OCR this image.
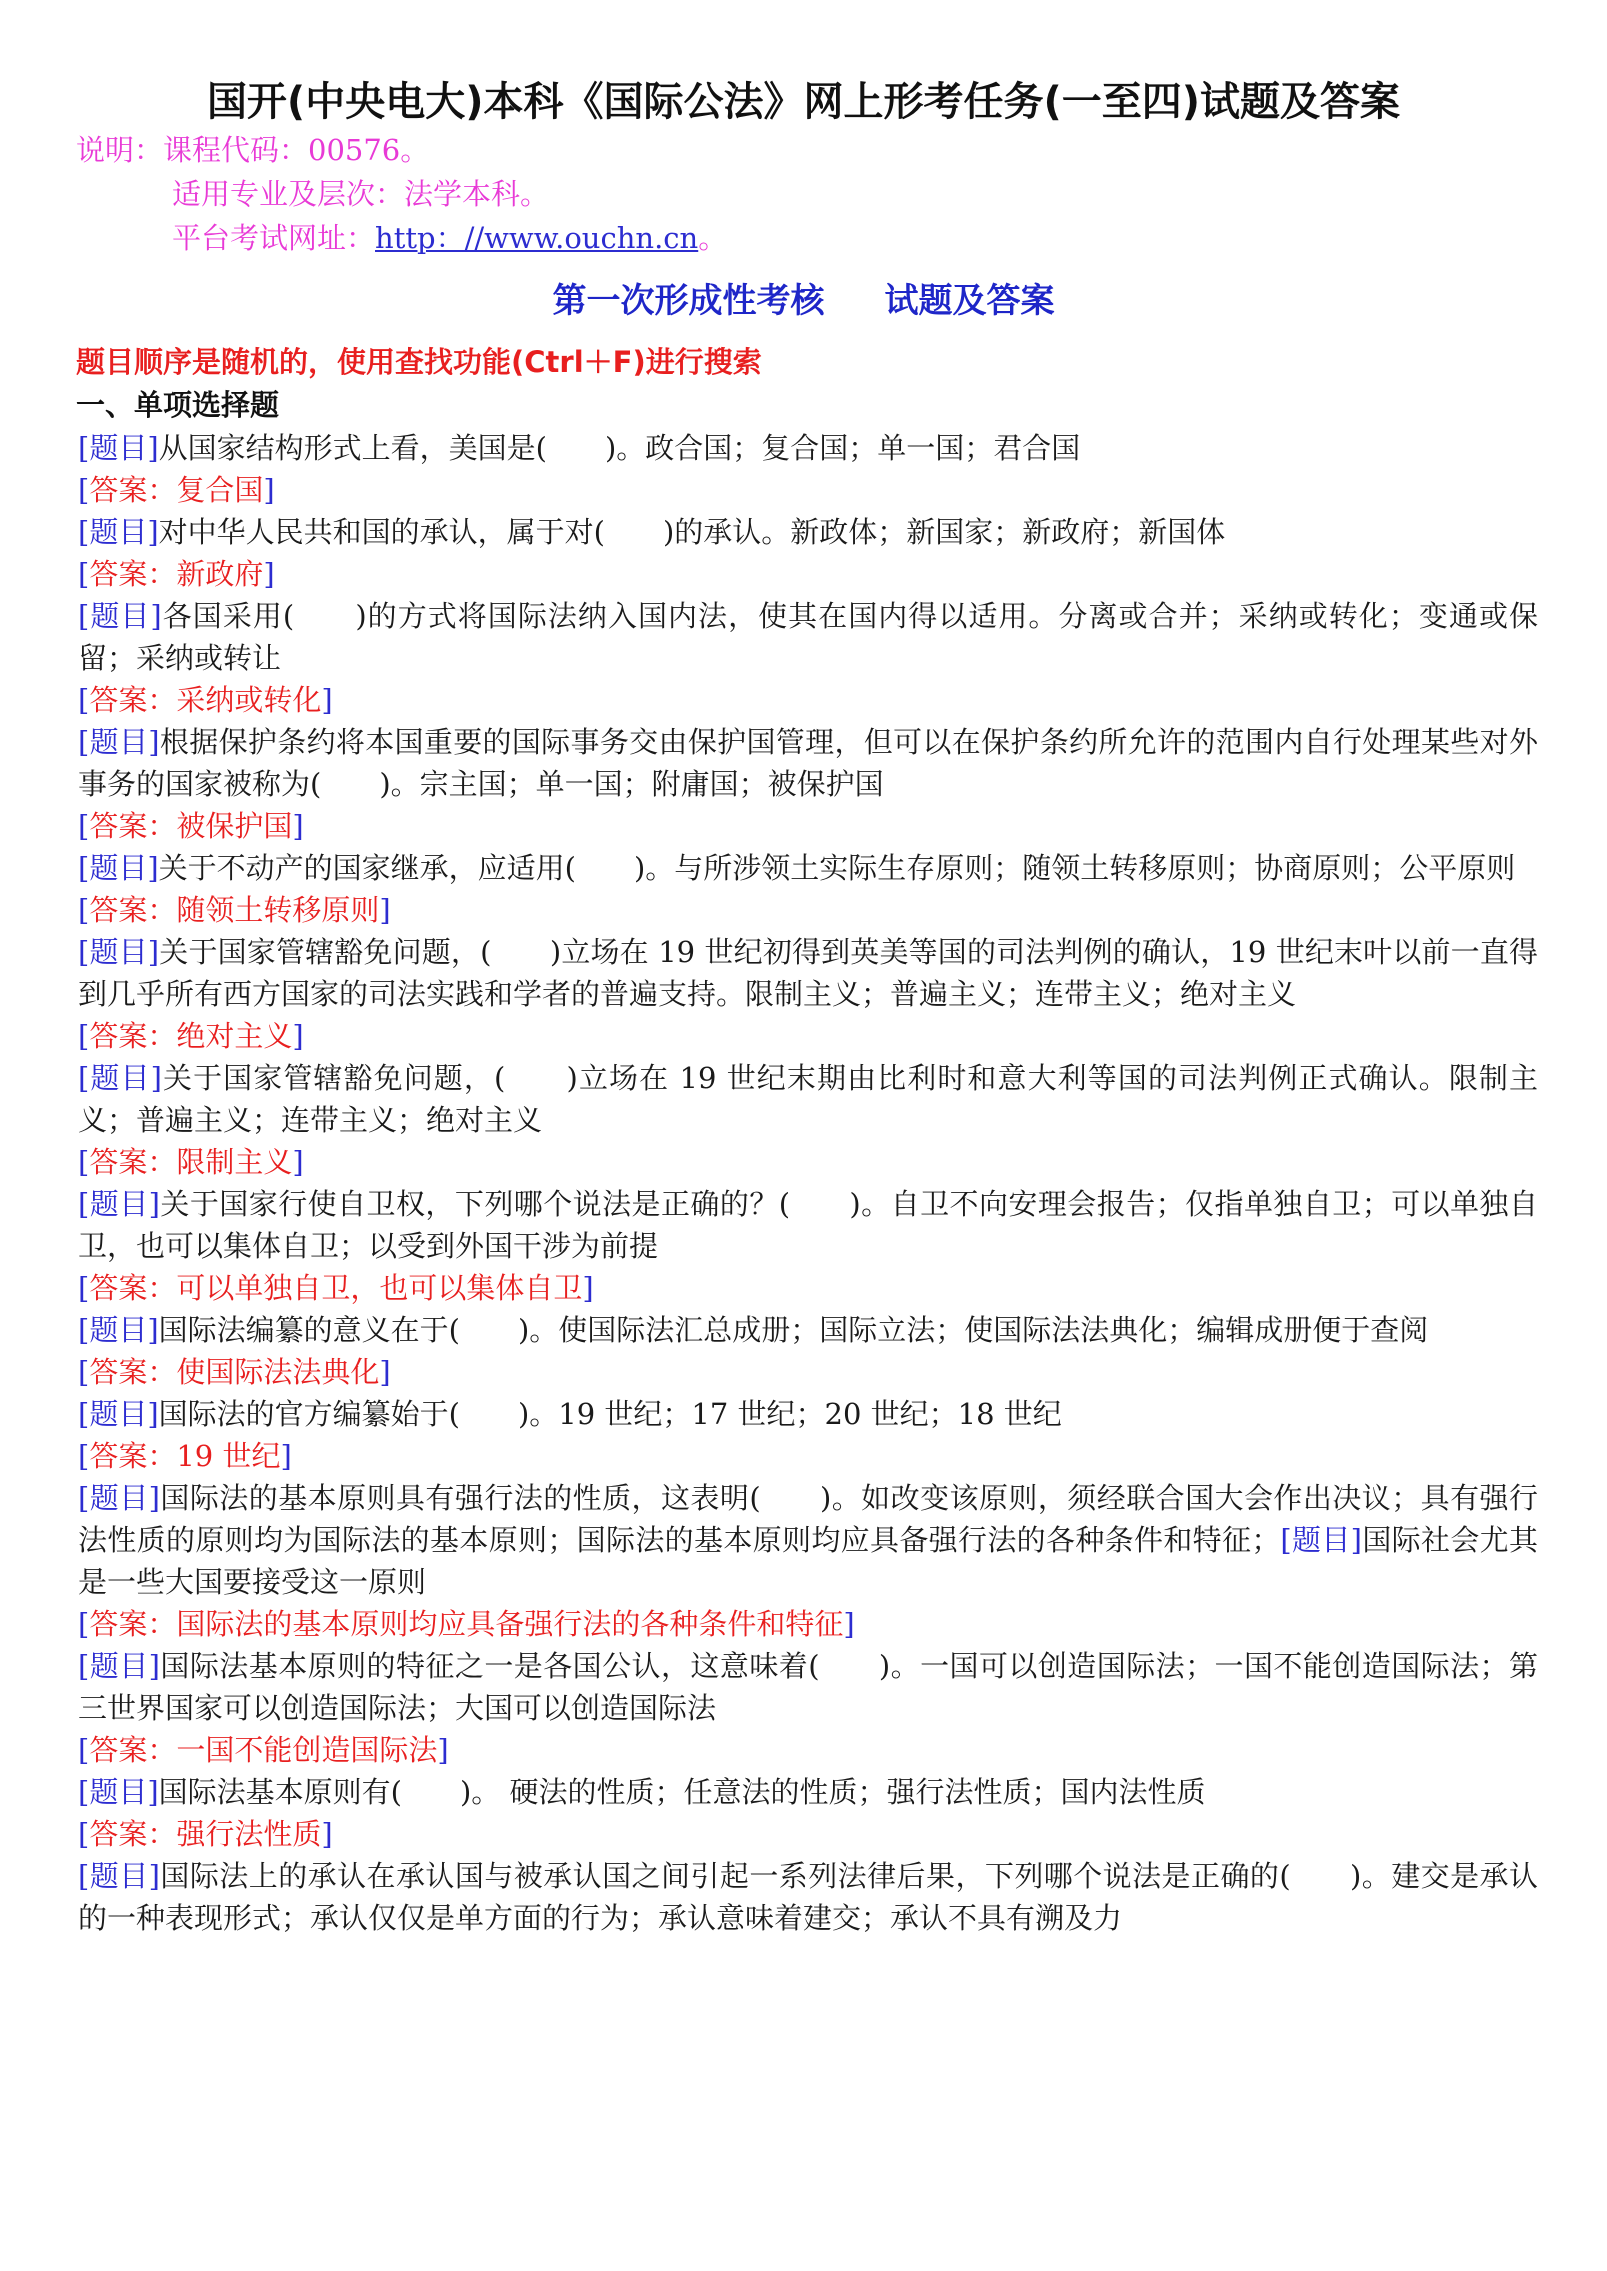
国开(中央电大)本科《国际公法》网上形考任务(一至四)试题及答案
说明：课程代码：00576。
适用专业及层次：法学本科。
平台考试网址：http：//www.ouchn.cn。
第一次形成性考核 试题及答案
题目顺序是随机的，使用查找功能(Ctrl＋F)进行搜索
一、单项选择题

[题目]从国家结构形式上看，美国是(　　)。政合国；复合国；单一国；君合国

[答案：复合国]

[题目]对中华人民共和国的承认，属于对(　　)的承认。新政体；新国家；新政府；新国体

[答案：新政府]

[题目]各国采用(　　)的方式将国际法纳入国内法，使其在国内得以适用。分离或合并；采纳或转化；变通或保留；采纳或转让

[答案：采纳或转化]

[题目]根据保护条约将本国重要的国际事务交由保护国管理，但可以在保护条约所允许的范围内自行处理某些对外事务的国家被称为(　　)。宗主国；单一国；附庸国；被保护国

[答案：被保护国]

[题目]关于不动产的国家继承，应适用(　　)。与所涉领土实际生存原则；随领土转移原则；协商原则；公平原则

[答案：随领土转移原则]

[题目]关于国家管辖豁免问题，(　　)立场在 19 世纪初得到英美等国的司法判例的确认，19 世纪末叶以前一直得到几乎所有西方国家的司法实践和学者的普遍支持。限制主义；普遍主义；连带主义；绝对主义

[答案：绝对主义]

[题目]关于国家管辖豁免问题，(　　)立场在 19 世纪末期由比利时和意大利等国的司法判例正式确认。限制主义；普遍主义；连带主义；绝对主义

[答案：限制主义]

[题目]关于国家行使自卫权，下列哪个说法是正确的？(　　)。自卫不向安理会报告；仅指单独自卫；可以单独自卫，也可以集体自卫；以受到外国干涉为前提

[答案：可以单独自卫，也可以集体自卫]

[题目]国际法编纂的意义在于(　　)。使国际法汇总成册；国际立法；使国际法法典化；编辑成册便于查阅

[答案：使国际法法典化]

[题目]国际法的官方编纂始于(　　)。19 世纪；17 世纪；20 世纪；18 世纪

[答案：19 世纪]

[题目]国际法的基本原则具有强行法的性质，这表明(　　)。如改变该原则，须经联合国大会作出决议；具有强行法性质的原则均为国际法的基本原则；国际法的基本原则均应具备强行法的各种条件和特征；[题目]国际社会尤其是一些大国要接受这一原则

[答案：国际法的基本原则均应具备强行法的各种条件和特征]

[题目]国际法基本原则的特征之一是各国公认，这意味着(　　)。一国可以创造国际法；一国不能创造国际法；第三世界国家可以创造国际法；大国可以创造国际法

[答案：一国不能创造国际法]

[题目]国际法基本原则有(　　)。 硬法的性质；任意法的性质；强行法性质；国内法性质

[答案：强行法性质]

[题目]国际法上的承认在承认国与被承认国之间引起一系列法律后果，下列哪个说法是正确的(　　)。建交是承认的一种表现形式；承认仅仅是单方面的行为；承认意味着建交；承认不具有溯及力
